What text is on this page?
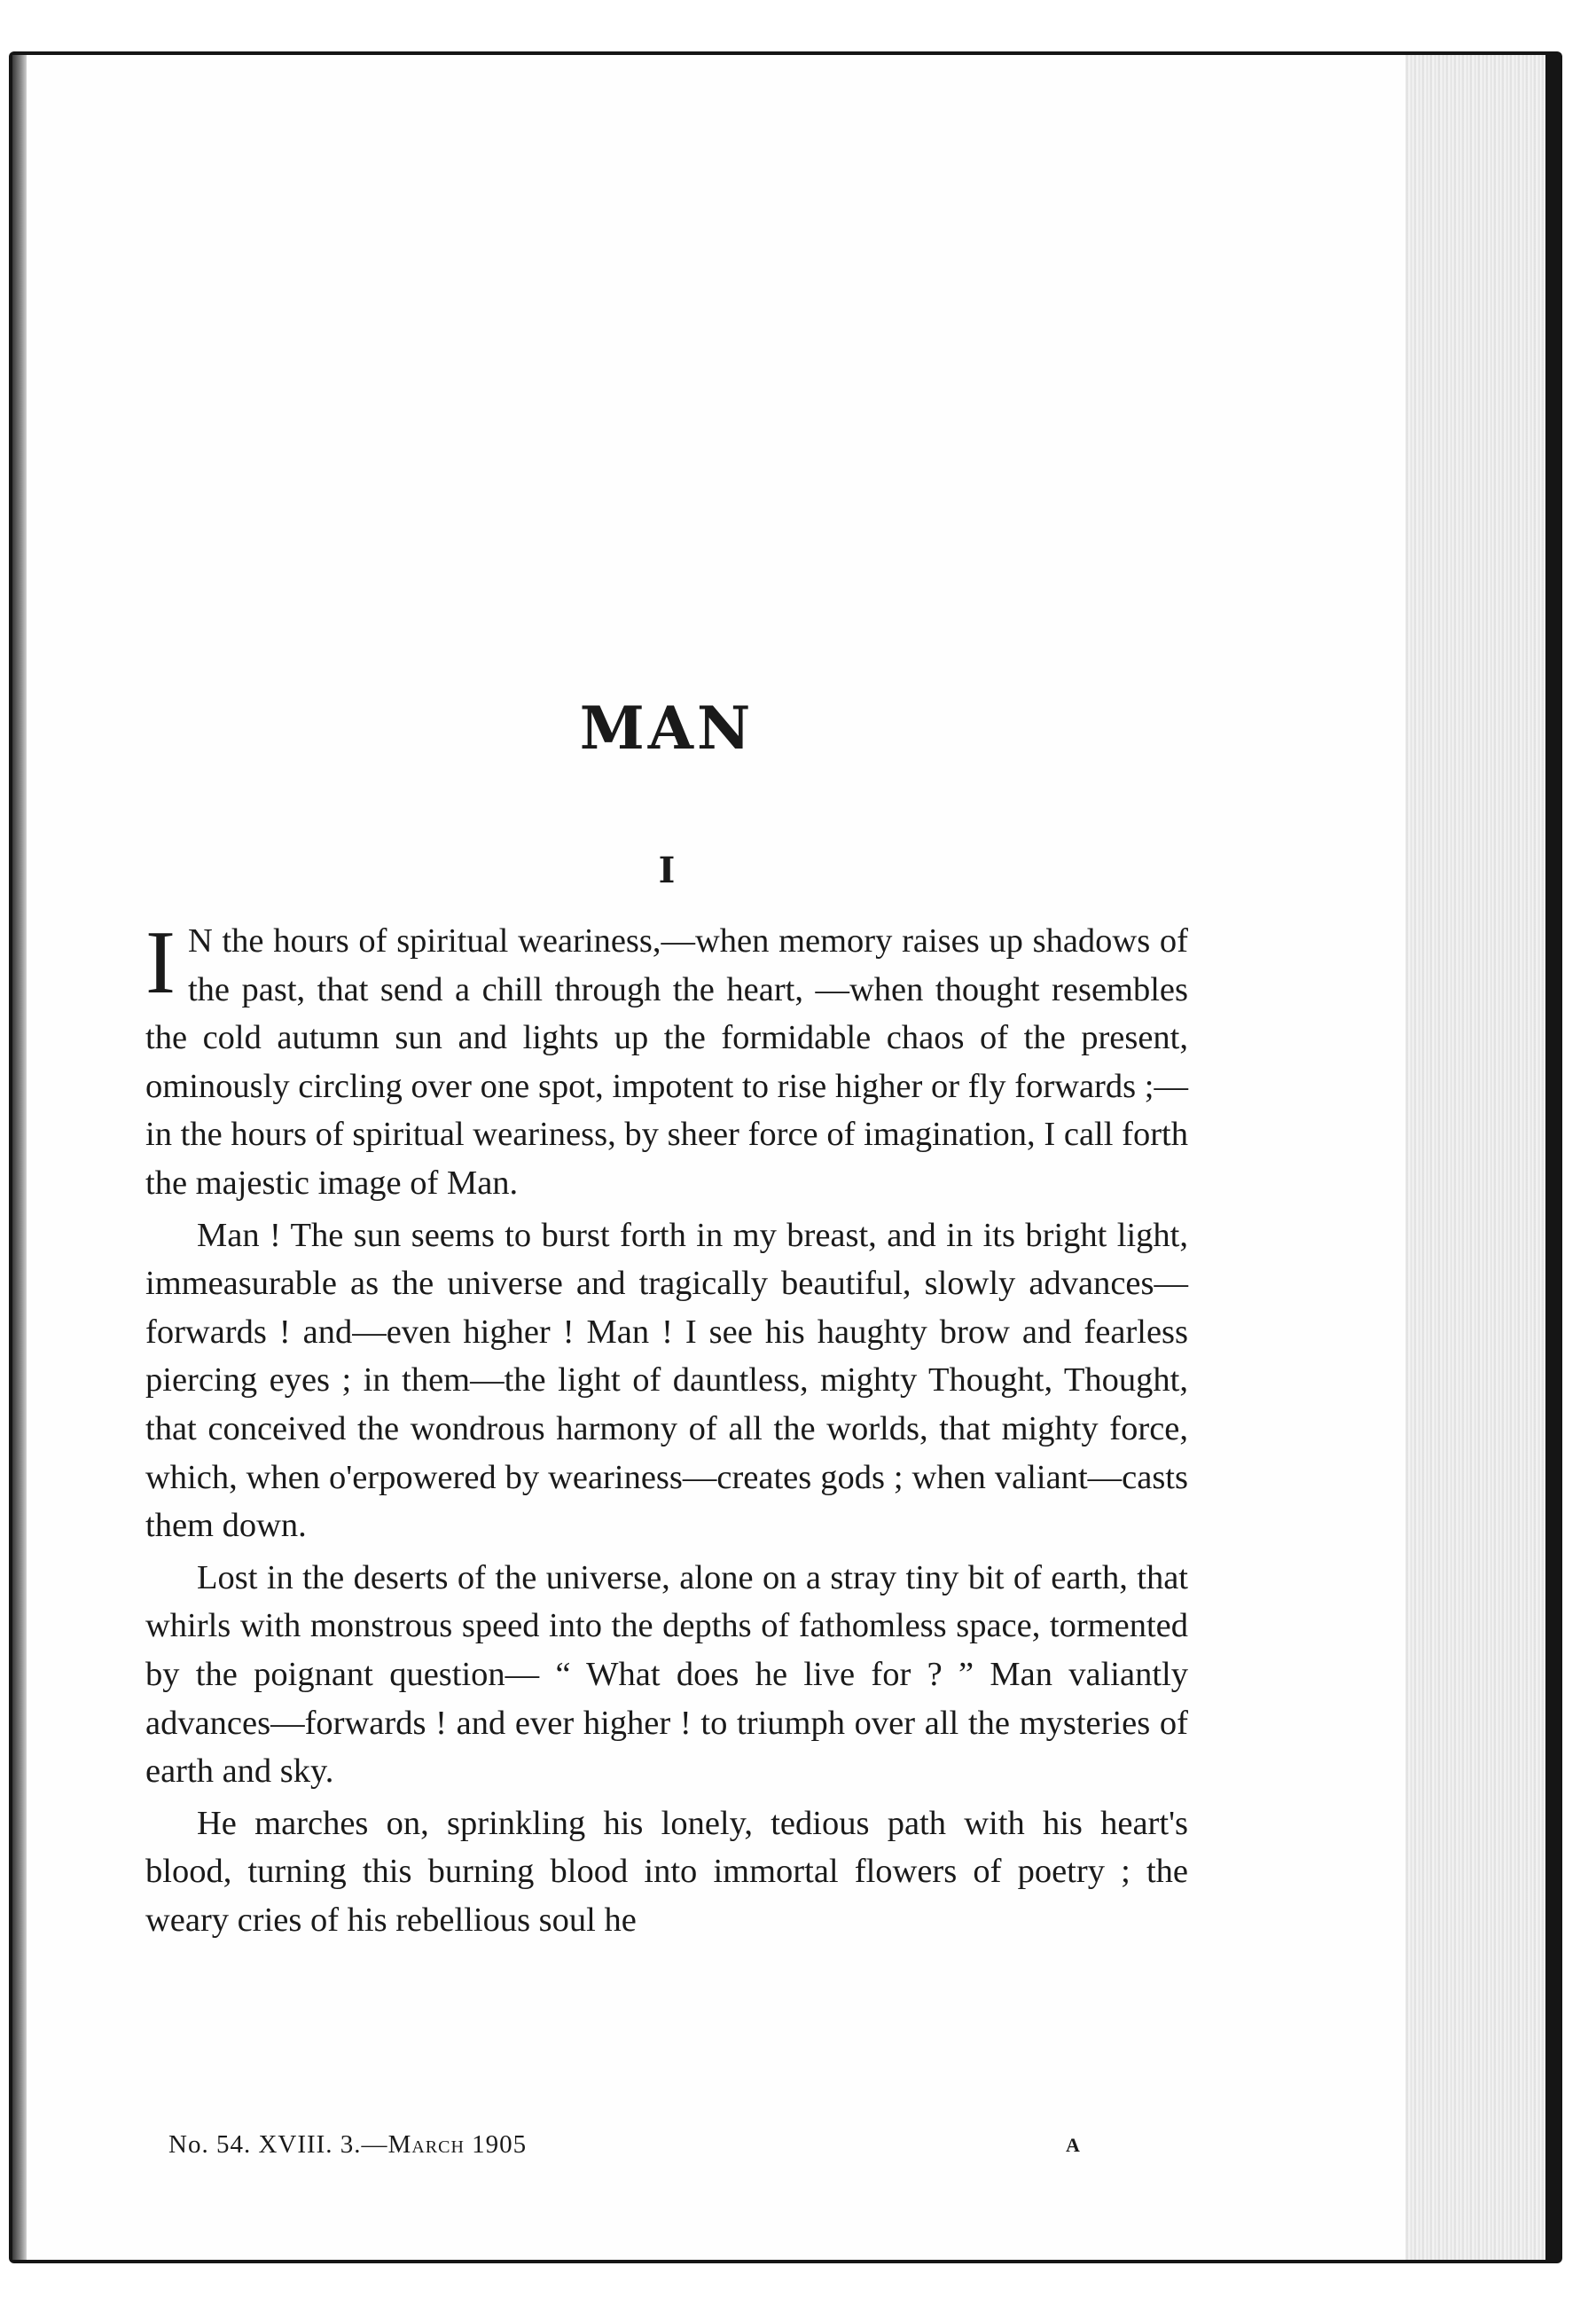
MAN
I

I N the hours of spiritual weariness,—when memory raises up shadows of the past, that send a chill through the heart, —when thought resembles the cold autumn sun and lights up the formidable chaos of the present, ominously circling over one spot, impotent to rise higher or fly forwards ;—in the hours of spiritual weariness, by sheer force of imagination, I call forth the majestic image of Man.

Man ! The sun seems to burst forth in my breast, and in its bright light, immeasurable as the universe and tragically beautiful, slowly advances—forwards ! and—even higher ! Man ! I see his haughty brow and fearless piercing eyes ; in them—the light of dauntless, mighty Thought, Thought, that conceived the wondrous harmony of all the worlds, that mighty force, which, when o'erpowered by weariness—creates gods ; when valiant—casts them down.

Lost in the deserts of the universe, alone on a stray tiny bit of earth, that whirls with monstrous speed into the depths of fathomless space, tormented by the poignant question— “ What does he live for ? ” Man valiantly advances—forwards ! and ever higher ! to triumph over all the mysteries of earth and sky.

He marches on, sprinkling his lonely, tedious path with his heart's blood, turning this burning blood into immortal flowers of poetry ; the weary cries of his rebellious soul he

No. 54. XVIII. 3.—March 1905	A
